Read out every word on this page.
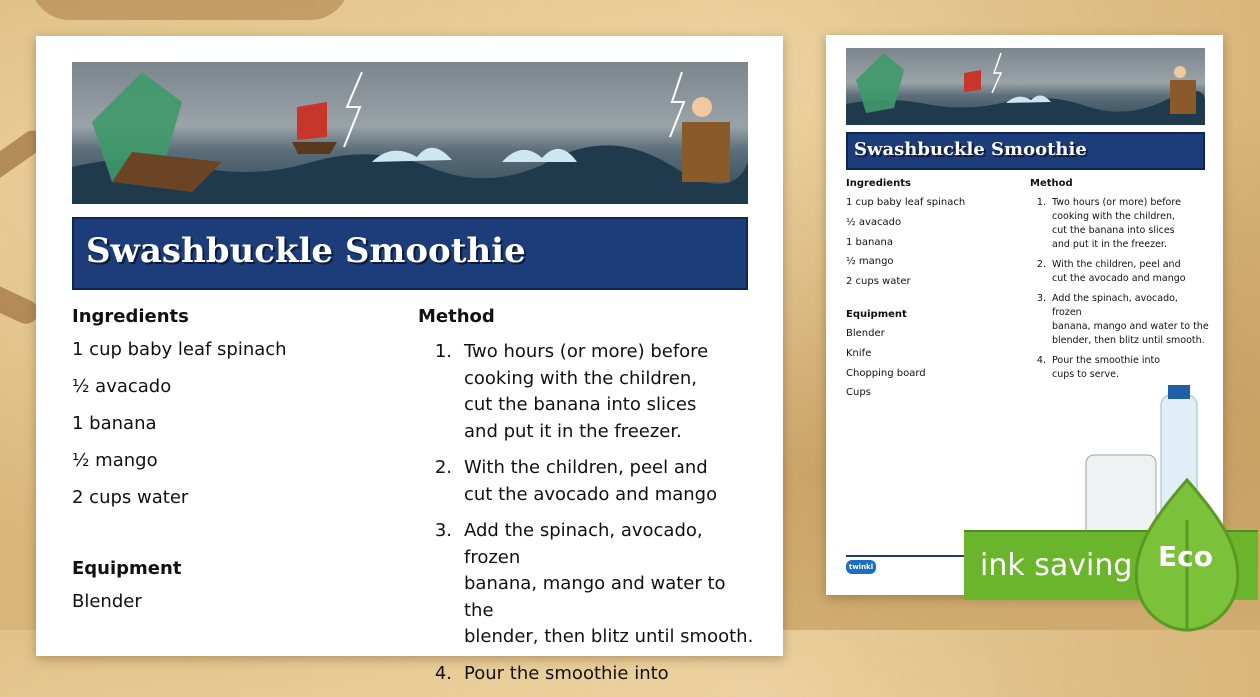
Swashbuckle Smoothie
Ingredients
1 cup baby leaf spinach
½ avacado
1 banana
½ mango
2 cups water
Equipment
Blender
Method
1. Two hours (or more) before
cooking with the children,
cut the banana into slices
and put it in the freezer.
2. With the children, peel and
cut the avocado and mango
3. Add the spinach, avocado, frozen
banana, mango and water to the
blender, then blitz until smooth.
4. Pour the smoothie into
Swashbuckle Smoothie
Ingredients
1 cup baby leaf spinach
½ avacado
1 banana
½ mango
2 cups water
Equipment
Blender
Knife
Chopping board
Cups
Method
1. Two hours (or more) before
cooking with the children,
cut the banana into slices
and put it in the freezer.
2. With the children, peel and
cut the avocado and mango
3. Add the spinach, avocado, frozen
banana, mango and water to the
blender, then blitz until smooth.
4. Pour the smoothie into
cups to serve.
twinkl	ink saving Eco
